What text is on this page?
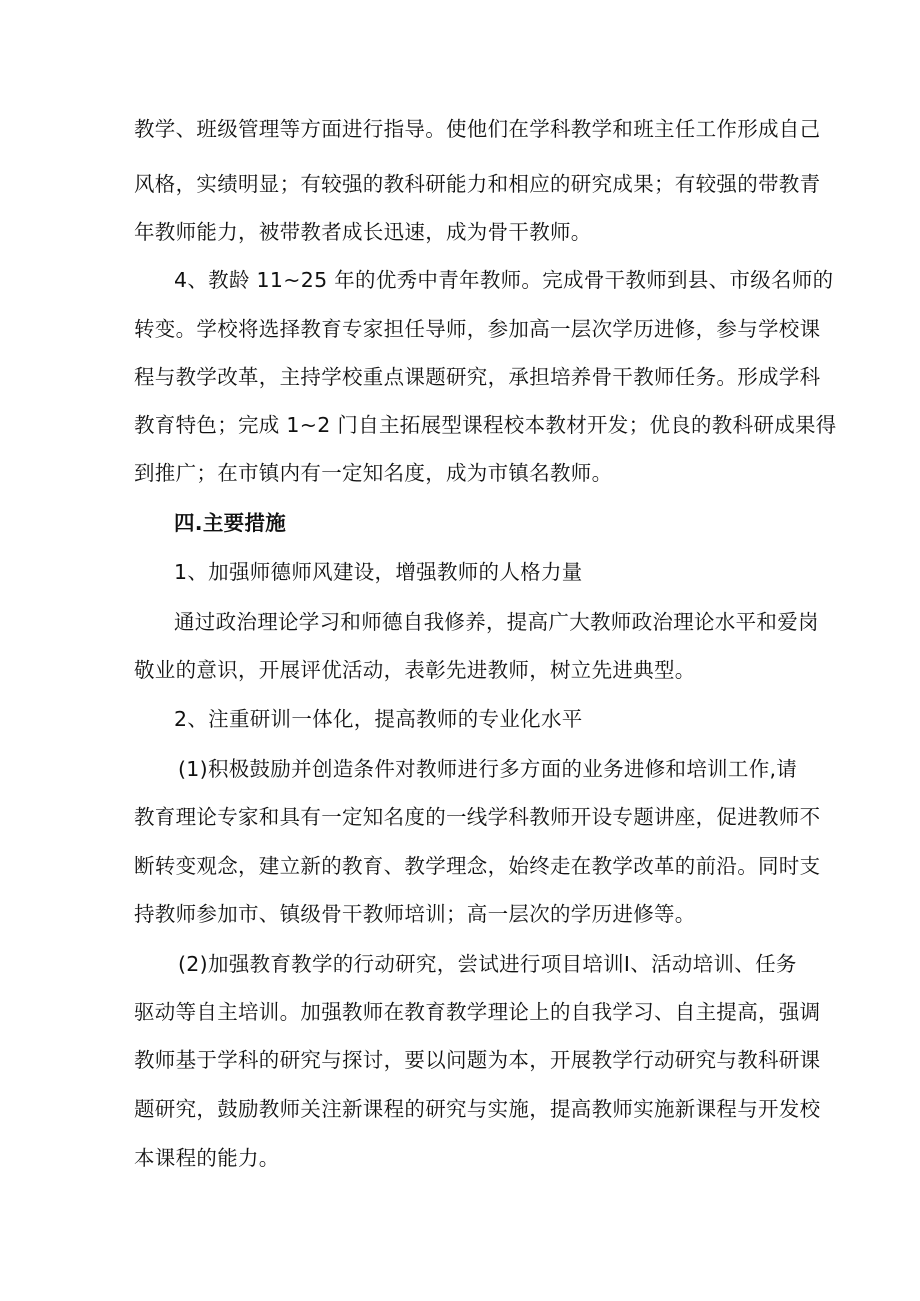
教学、班级管理等方面进行指导。使他们在学科教学和班主任工作形成自己

风格，实绩明显；有较强的教科研能力和相应的研究成果；有较强的带教青

年教师能力，被带教者成长迅速，成为骨干教师。

4、教龄 11~25 年的优秀中青年教师。完成骨干教师到县、市级名师的

转变。学校将选择教育专家担任导师，参加高一层次学历进修，参与学校课

程与教学改革，主持学校重点课题研究，承担培养骨干教师任务。形成学科

教育特色；完成 1~2 门自主拓展型课程校本教材开发；优良的教科研成果得

到推广；在市镇内有一定知名度，成为市镇名教师。

四.主要措施

1、加强师德师风建设，增强教师的人格力量

通过政治理论学习和师德自我修养，提高广大教师政治理论水平和爱岗

敬业的意识，开展评优活动，表彰先进教师，树立先进典型。

2、注重研训一体化，提高教师的专业化水平

(1)积极鼓励并创造条件对教师进行多方面的业务进修和培训工作,请

教育理论专家和具有一定知名度的一线学科教师开设专题讲座，促进教师不

断转变观念，建立新的教育、教学理念，始终走在教学改革的前沿。同时支

持教师参加市、镇级骨干教师培训；高一层次的学历进修等。

(2)加强教育教学的行动研究，尝试进行项目培训Ⅰ、活动培训、任务

驱动等自主培训。加强教师在教育教学理论上的自我学习、自主提高，强调

教师基于学科的研究与探讨，要以问题为本，开展教学行动研究与教科研课

题研究，鼓励教师关注新课程的研究与实施，提高教师实施新课程与开发校

本课程的能力。
